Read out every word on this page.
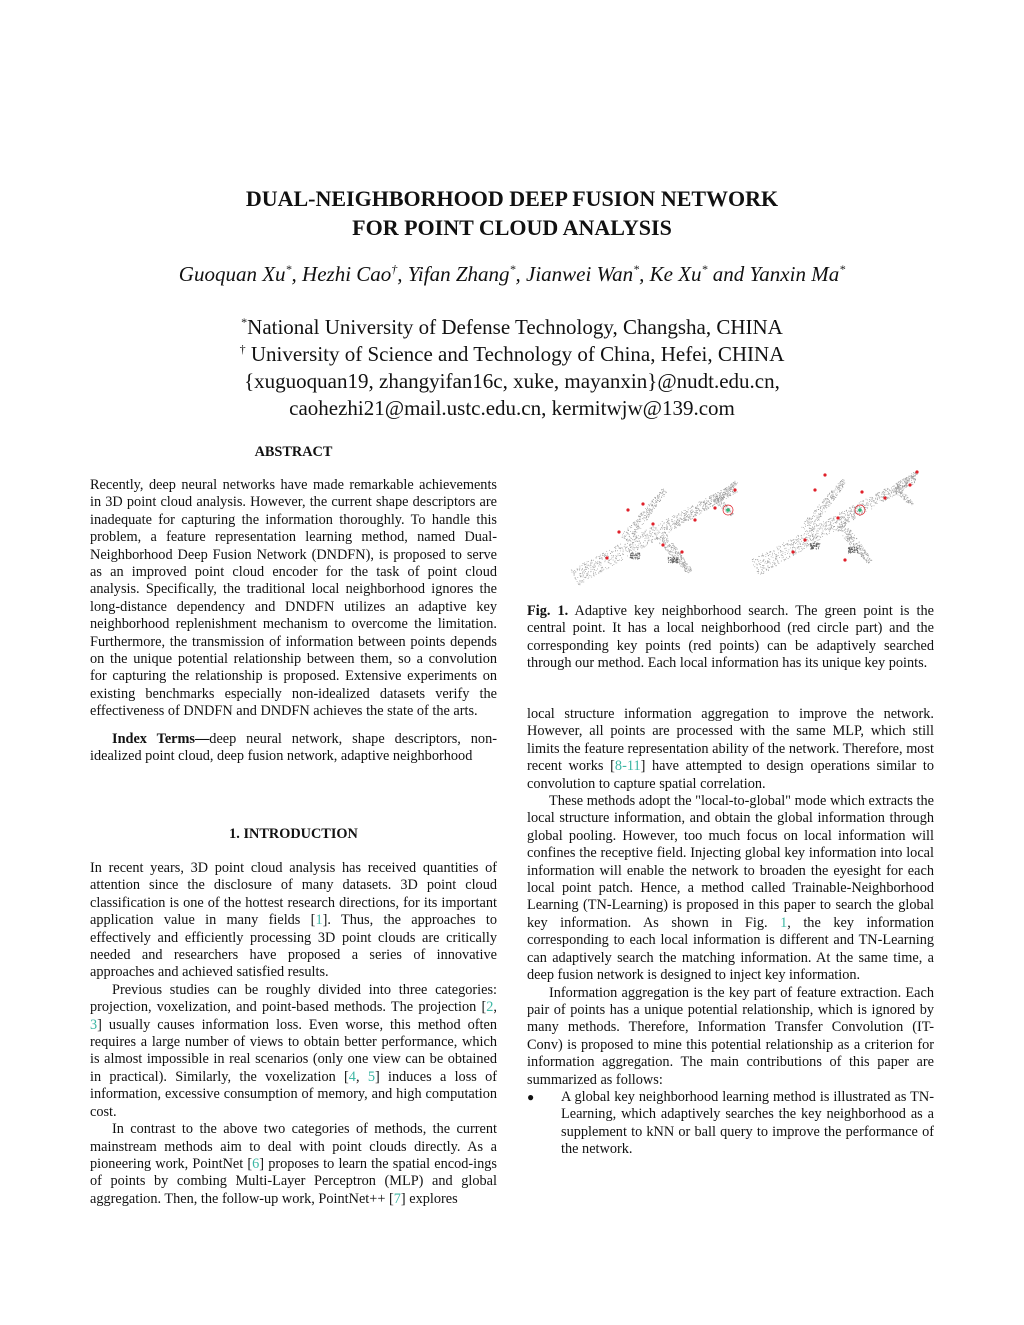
DUAL-NEIGHBORHOOD DEEP FUSION NETWORK
FOR POINT CLOUD ANALYSIS
Guoquan Xu*, Hezhi Cao†, Yifan Zhang*, Jianwei Wan*, Ke Xu* and Yanxin Ma*
*National University of Defense Technology, Changsha, CHINA
† University of Science and Technology of China, Hefei, CHINA
{xuguoquan19, zhangyifan16c, xuke, mayanxin}@nudt.edu.cn,
caohezhi21@mail.ustc.edu.cn, kermitwjw@139.com
ABSTRACT

Recently, deep neural networks have made remarkable achievements in 3D point cloud analysis. However, the current shape descriptors are inadequate for capturing the information thoroughly. To handle this problem, a feature representation learning method, named Dual-Neighborhood Deep Fusion Network (DNDFN), is proposed to serve as an improved point cloud encoder for the task of point cloud analysis. Specifically, the traditional local neighborhood ignores the long-distance dependency and DNDFN utilizes an adaptive key neighborhood replenishment mechanism to overcome the limitation. Furthermore, the transmission of information between points depends on the unique potential relationship between them, so a convolution for capturing the relationship is proposed. Extensive experiments on existing benchmarks especially non-idealized datasets verify the effectiveness of DNDFN and DNDFN achieves the state of the arts.

Index Terms—deep neural network, shape descriptors, non-idealized point cloud, deep fusion network, adaptive neighborhood

1. INTRODUCTION

In recent years, 3D point cloud analysis has received quantities of attention since the disclosure of many datasets. 3D point cloud classification is one of the hottest research directions, for its important application value in many fields [1]. Thus, the approaches to effectively and efficiently processing 3D point clouds are critically needed and researchers have proposed a series of innovative approaches and achieved satisfied results.

Previous studies can be roughly divided into three categories: projection, voxelization, and point-based methods. The projection [2, 3] usually causes information loss. Even worse, this method often requires a large number of views to obtain better performance, which is almost impossible in real scenarios (only one view can be obtained in practical). Similarly, the voxelization [4, 5] induces a loss of information, excessive consumption of memory, and high computation cost.

In contrast to the above two categories of methods, the current mainstream methods aim to deal with point clouds directly. As a pioneering work, PointNet [6] proposes to learn the spatial encod-ings of points by combing Multi-Layer Perceptron (MLP) and global aggregation. Then, the follow-up work, PointNet++ [7] explores

Fig. 1. Adaptive key neighborhood search. The green point is the central point. It has a local neighborhood (red circle part) and the corresponding key points (red points) can be adaptively searched through our method. Each local information has its unique key points.

local structure information aggregation to improve the network. However, all points are processed with the same MLP, which still limits the feature representation ability of the network. Therefore, most recent works [8-11] have attempted to design operations similar to convolution to capture spatial correlation.

These methods adopt the "local-to-global" mode which extracts the local structure information, and obtain the global information through global pooling. However, too much focus on local information will confines the receptive field. Injecting global key information into local information will enable the network to broaden the eyesight for each local point patch. Hence, a method called Trainable-Neighborhood Learning (TN-Learning) is proposed in this paper to search the global key information. As shown in Fig. 1, the key information corresponding to each local information is different and TN-Learning can adaptively search the matching information. At the same time, a deep fusion network is designed to inject key information.

Information aggregation is the key part of feature extraction. Each pair of points has a unique potential relationship, which is ignored by many methods. Therefore, Information Transfer Convolution (IT-Conv) is proposed to mine this potential relationship as a criterion for information aggregation. The main contributions of this paper are summarized as follows:

●	A global key neighborhood learning method is illustrated as TN-Learning, which adaptively searches the key neighborhood as a supplement to kNN or ball query to improve the performance of the network.
